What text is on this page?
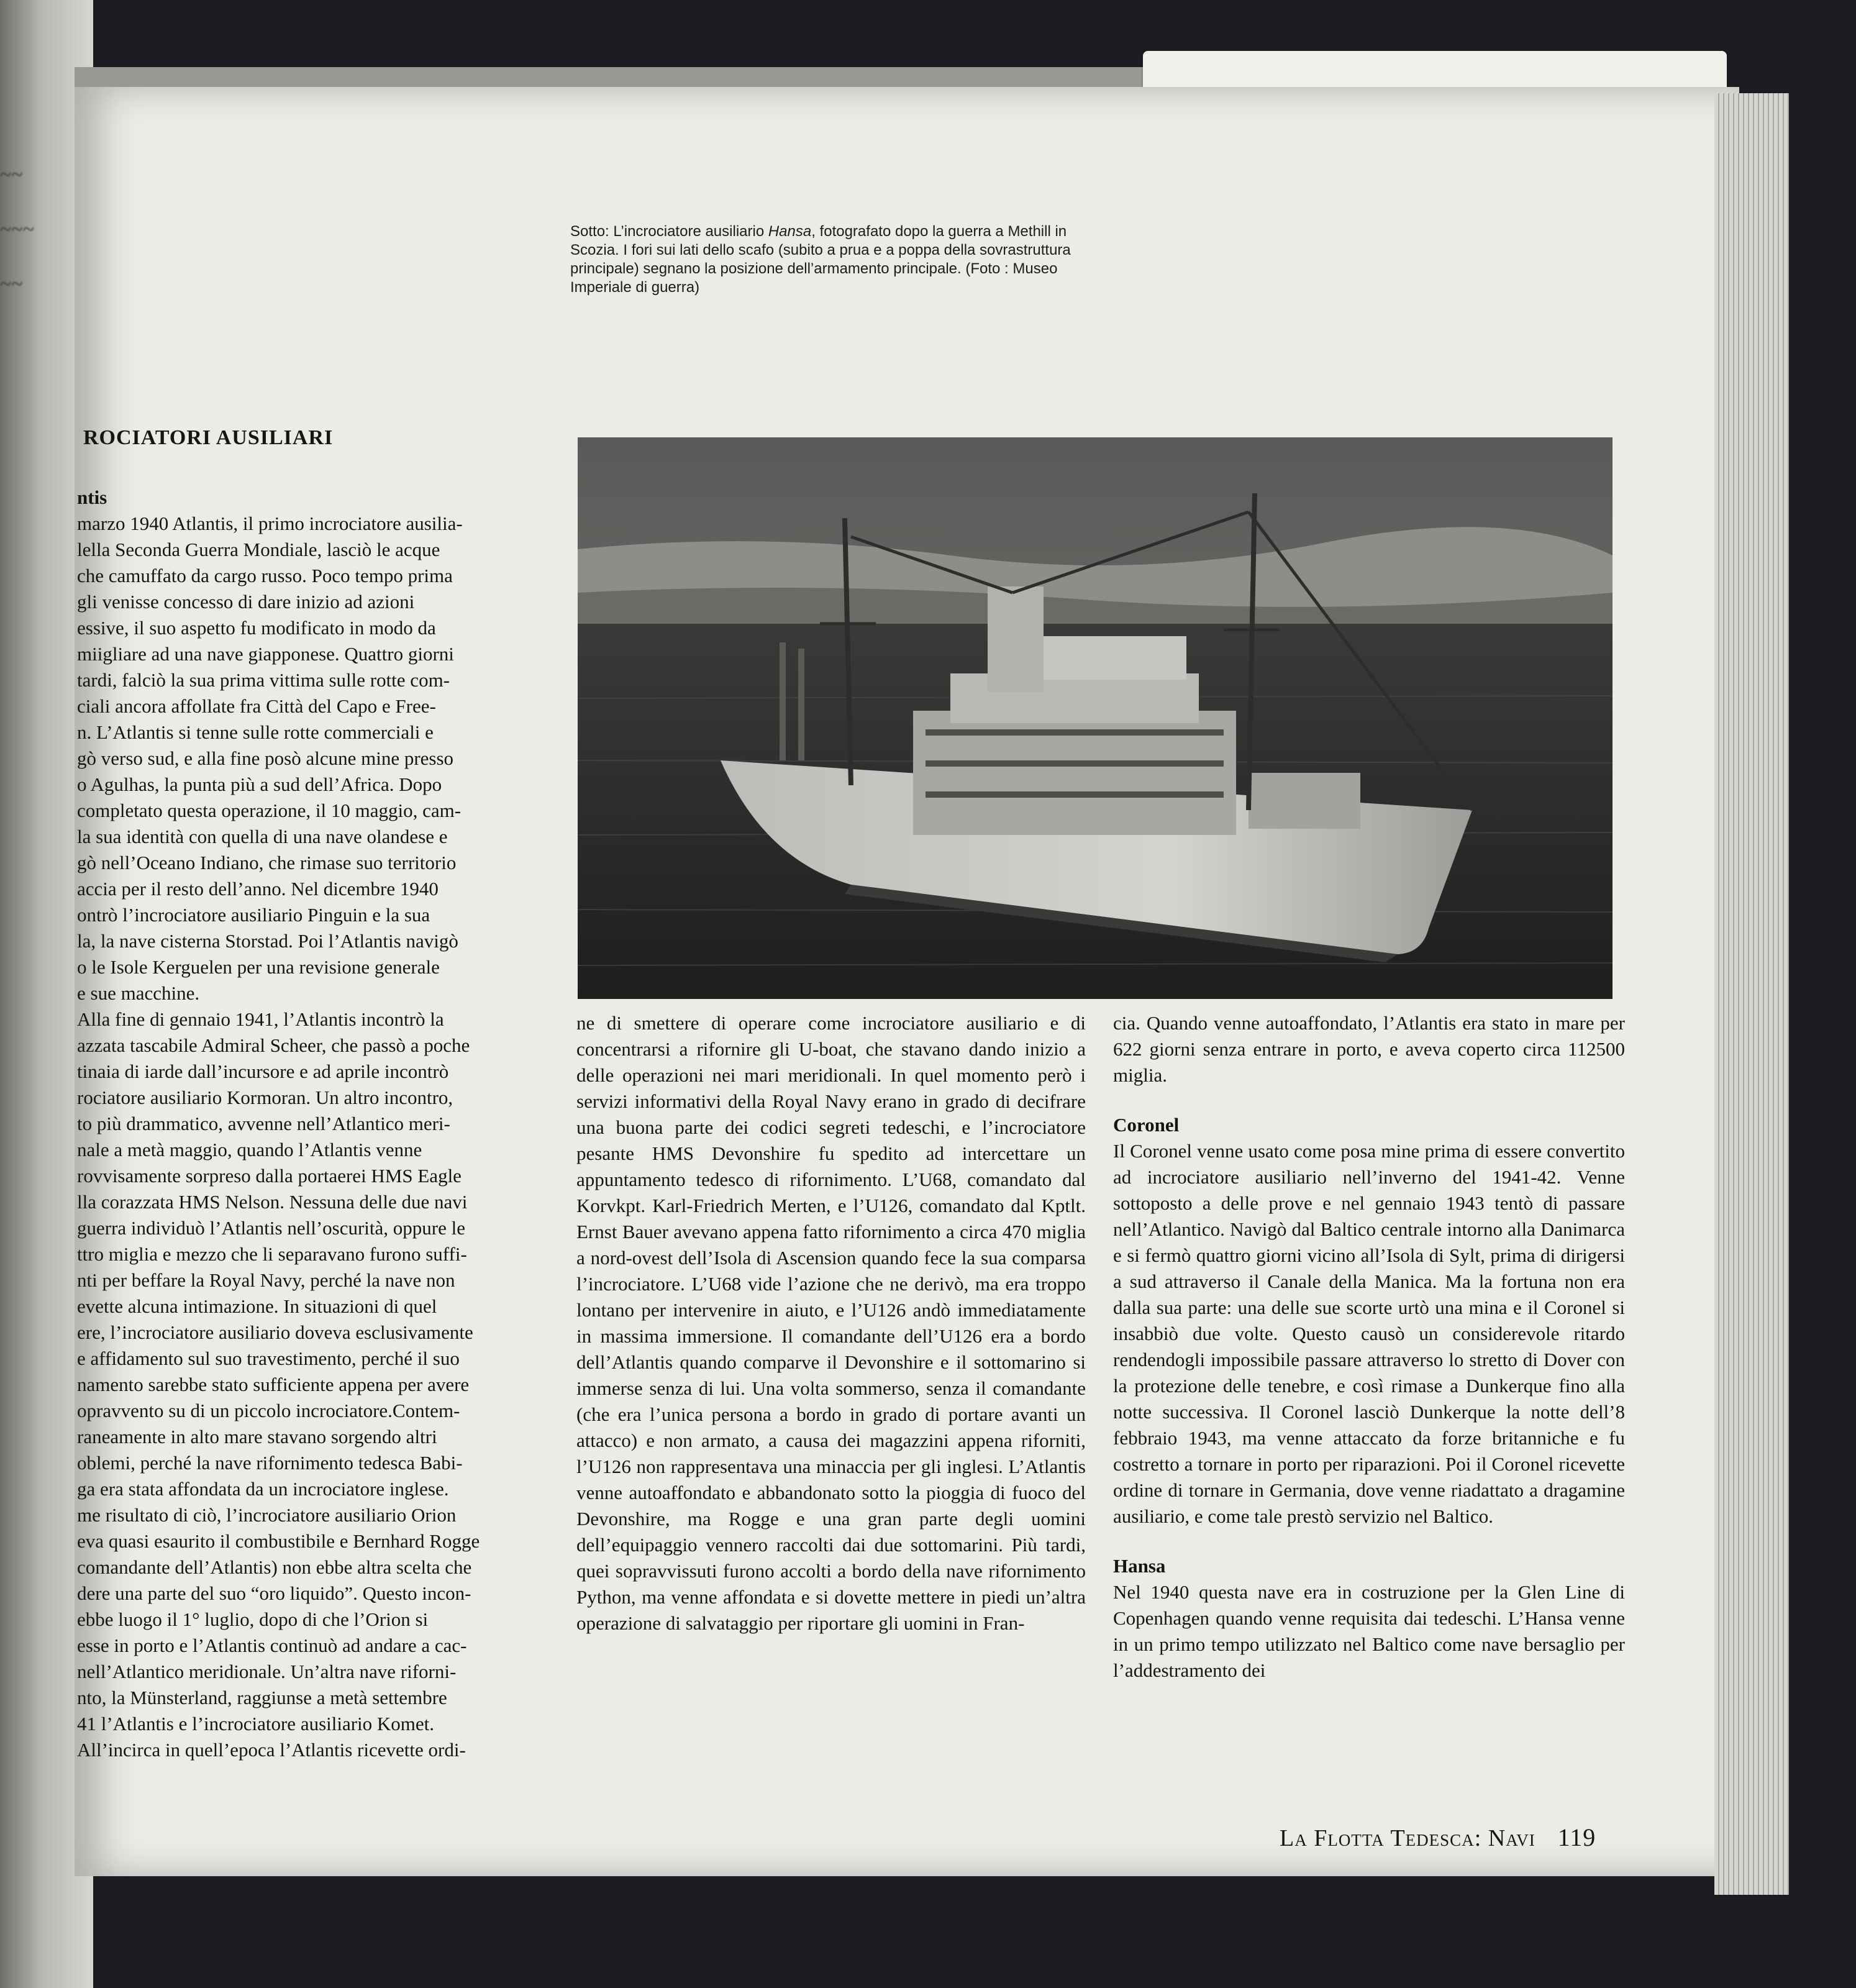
~~

~~~

~~
Sotto: L’incrociatore ausiliario Hansa, fotografato dopo la guerra a Methill in Scozia. I fori sui lati dello scafo (subito a prua e a poppa della sovrastruttura principale) segnano la posizione dell’armamento principale. (Foto : Museo Imperiale di guerra)
ROCIATORI AUSILIARI
ntis

marzo 1940 Atlantis, il primo incrociatore ausilia-

lella Seconda Guerra Mondiale, lasciò le acque

che camuffato da cargo russo. Poco tempo prima

gli venisse concesso di dare inizio ad azioni

essive, il suo aspetto fu modificato in modo da

miigliare ad una nave giapponese. Quattro giorni

tardi, falciò la sua prima vittima sulle rotte com-

ciali ancora affollate fra Città del Capo e Free-

n. L’Atlantis si tenne sulle rotte commerciali e

gò verso sud, e alla fine posò alcune mine presso

o Agulhas, la punta più a sud dell’Africa. Dopo

completato questa operazione, il 10 maggio, cam-

la sua identità con quella di una nave olandese e

gò nell’Oceano Indiano, che rimase suo territorio

accia per il resto dell’anno. Nel dicembre 1940

ontrò l’incrociatore ausiliario Pinguin e la sua

la, la nave cisterna Storstad. Poi l’Atlantis navigò

o le Isole Kerguelen per una revisione generale

e sue macchine.

Alla fine di gennaio 1941, l’Atlantis incontrò la

azzata tascabile Admiral Scheer, che passò a poche

tinaia di iarde dall’incursore e ad aprile incontrò

rociatore ausiliario Kormoran. Un altro incontro,

to più drammatico, avvenne nell’Atlantico meri-

nale a metà maggio, quando l’Atlantis venne

rovvisamente sorpreso dalla portaerei HMS Eagle

lla corazzata HMS Nelson. Nessuna delle due navi

guerra individuò l’Atlantis nell’oscurità, oppure le

ttro miglia e mezzo che li separavano furono suffi-

nti per beffare la Royal Navy, perché la nave non

evette alcuna intimazione. In situazioni di quel

ere, l’incrociatore ausiliario doveva esclusivamente

e affidamento sul suo travestimento, perché il suo

namento sarebbe stato sufficiente appena per avere

opravvento su di un piccolo incrociatore.Contem-

raneamente in alto mare stavano sorgendo altri

oblemi, perché la nave rifornimento tedesca Babi-

ga era stata affondata da un incrociatore inglese.

me risultato di ciò, l’incrociatore ausiliario Orion

eva quasi esaurito il combustibile e Bernhard Rogge

comandante dell’Atlantis) non ebbe altra scelta che

dere una parte del suo “oro liquido”. Questo incon-

ebbe luogo il 1° luglio, dopo di che l’Orion si

esse in porto e l’Atlantis continuò ad andare a cac-

nell’Atlantico meridionale. Un’altra nave riforni-

nto, la Münsterland, raggiunse a metà settembre

41 l’Atlantis e l’incrociatore ausiliario Komet.

All’incirca in quell’epoca l’Atlantis ricevette ordi-

ne di smettere di operare come incrociatore ausiliario e di concentrarsi a rifornire gli U-boat, che stavano dando inizio a delle operazioni nei mari meridionali. In quel momento però i servizi informativi della Royal Navy erano in grado di decifrare una buona parte dei codici segreti tedeschi, e l’incrociatore pesante HMS Devonshire fu spedito ad intercettare un appuntamento tedesco di rifornimento. L’U68, comandato dal Korvkpt. Karl-Friedrich Merten, e l’U126, comandato dal Kptlt. Ernst Bauer avevano appena fatto rifornimento a circa 470 miglia a nord-ovest dell’Isola di Ascension quando fece la sua comparsa l’incrociatore. L’U68 vide l’azione che ne derivò, ma era troppo lontano per intervenire in aiuto, e l’U126 andò immediatamente in massima immersione. Il comandante dell’U126 era a bordo dell’Atlantis quando comparve il Devonshire e il sottomarino si immerse senza di lui. Una volta sommerso, senza il comandante (che era l’unica persona a bordo in grado di portare avanti un attacco) e non armato, a causa dei magazzini appena riforniti, l’U126 non rappresentava una minaccia per gli inglesi. L’Atlantis venne autoaffondato e abbandonato sotto la pioggia di fuoco del Devonshire, ma Rogge e una gran parte degli uomini dell’equipaggio vennero raccolti dai due sottomarini. Più tardi, quei sopravvissuti furono accolti a bordo della nave rifornimento Python, ma venne affondata e si dovette mettere in piedi un’altra operazione di salvataggio per riportare gli uomini in Fran-

cia. Quando venne autoaffondato, l’Atlantis era stato in mare per 622 giorni senza entrare in porto, e aveva coperto circa 112500 miglia.

Coronel

Il Coronel venne usato come posa mine prima di essere convertito ad incrociatore ausiliario nell’inverno del 1941-42. Venne sottoposto a delle prove e nel gennaio 1943 tentò di passare nell’Atlantico. Navigò dal Baltico centrale intorno alla Danimarca e si fermò quattro giorni vicino all’Isola di Sylt, prima di dirigersi a sud attraverso il Canale della Manica. Ma la fortuna non era dalla sua parte: una delle sue scorte urtò una mina e il Coronel si insabbiò due volte. Questo causò un considerevole ritardo rendendogli impossibile passare attraverso lo stretto di Dover con la protezione delle tenebre, e così rimase a Dunkerque fino alla notte successiva. Il Coronel lasciò Dunkerque la notte dell’8 febbraio 1943, ma venne attaccato da forze britanniche e fu costretto a tornare in porto per riparazioni. Poi il Coronel ricevette ordine di tornare in Germania, dove venne riadattato a dragamine ausiliario, e come tale prestò servizio nel Baltico.

Hansa

Nel 1940 questa nave era in costruzione per la Glen Line di Copenhagen quando venne requisita dai tedeschi. L’Hansa venne in un primo tempo utilizzato nel Baltico come nave bersaglio per l’addestramento dei

La Flotta Tedesca: Navi 119
